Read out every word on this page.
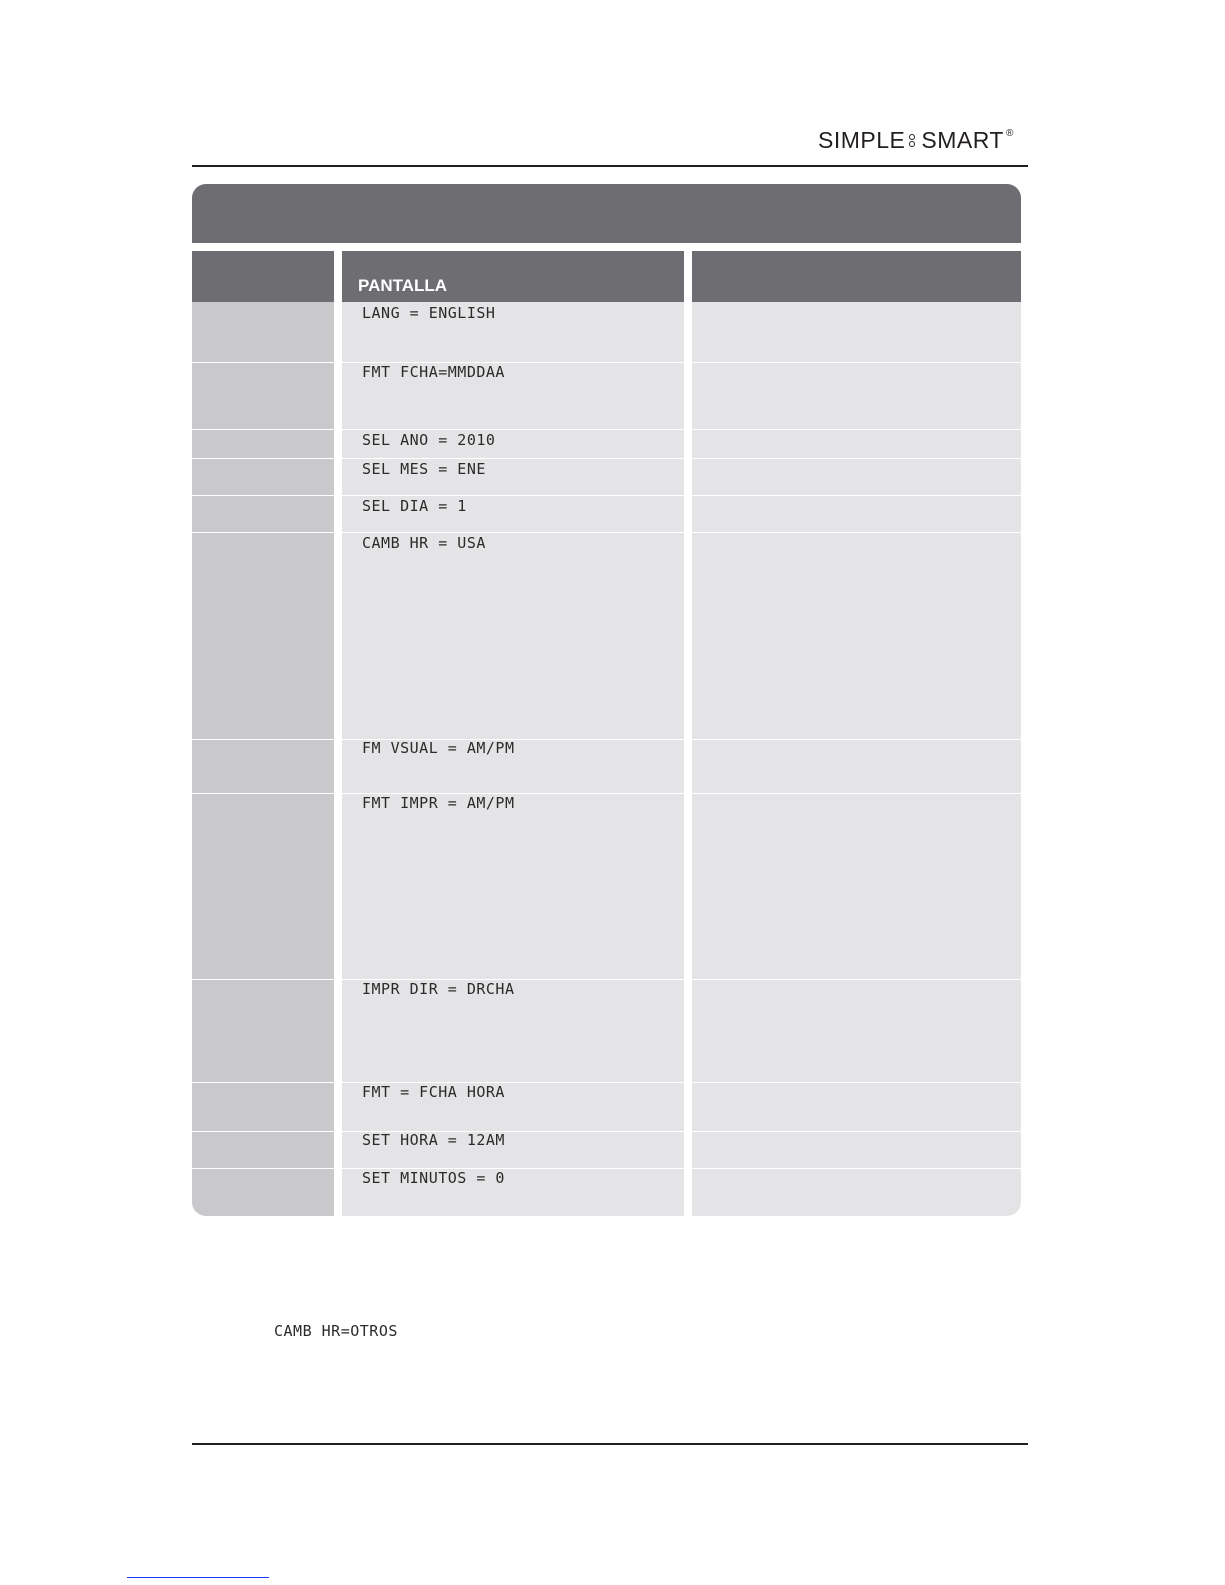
SIMPLE SMART®
PANTALLA
LANG = ENGLISH
FMT FCHA=MMDDAA
SEL ANO = 2010
SEL MES = ENE
SEL DIA = 1
CAMB HR = USA
FM VSUAL = AM/PM
FMT IMPR = AM/PM
IMPR DIR = DRCHA
FMT = FCHA HORA
SET HORA = 12AM
SET MINUTOS = 0
CAMB HR=OTROS
